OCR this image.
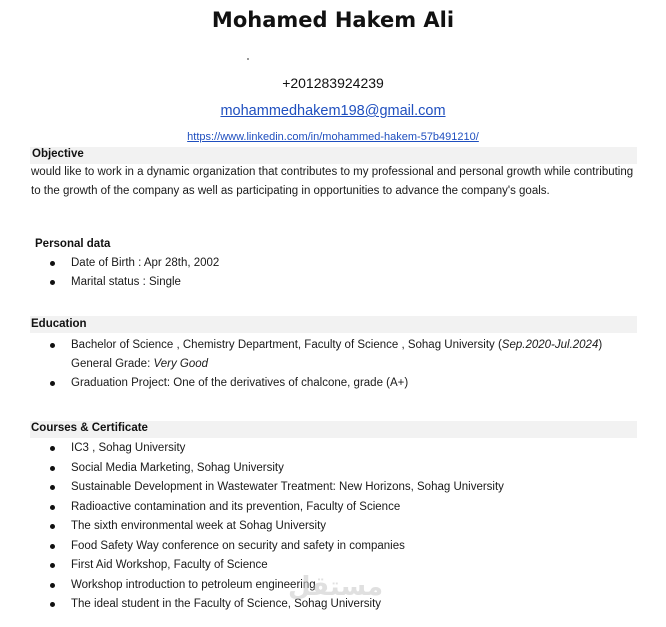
Mohamed Hakem Ali
+201283924239
mohammedhakem198@gmail.com
https://www.linkedin.com/in/mohammed-hakem-57b491210/
Objective
would like to work in a dynamic organization that contributes to my professional and personal growth while contributing to the growth of the company as well as participating in opportunities to advance the company's goals.
Personal data
Date of Birth : Apr 28th, 2002
Marital status : Single
Education
Bachelor of Science , Chemistry Department, Faculty of Science , Sohag University (Sep.2020-Jul.2024)
General Grade: Very Good
Graduation Project: One of the derivatives of chalcone, grade (A+)
Courses & Certificate
IC3 , Sohag University
Social Media Marketing, Sohag University
Sustainable Development in Wastewater Treatment: New Horizons, Sohag University
Radioactive contamination and its prevention, Faculty of Science
The sixth environmental week at Sohag University
Food Safety Way conference on security and safety in companies
First Aid Workshop, Faculty of Science
Workshop introduction to petroleum engineering
The ideal student in the Faculty of Science, Sohag University
مستقل
